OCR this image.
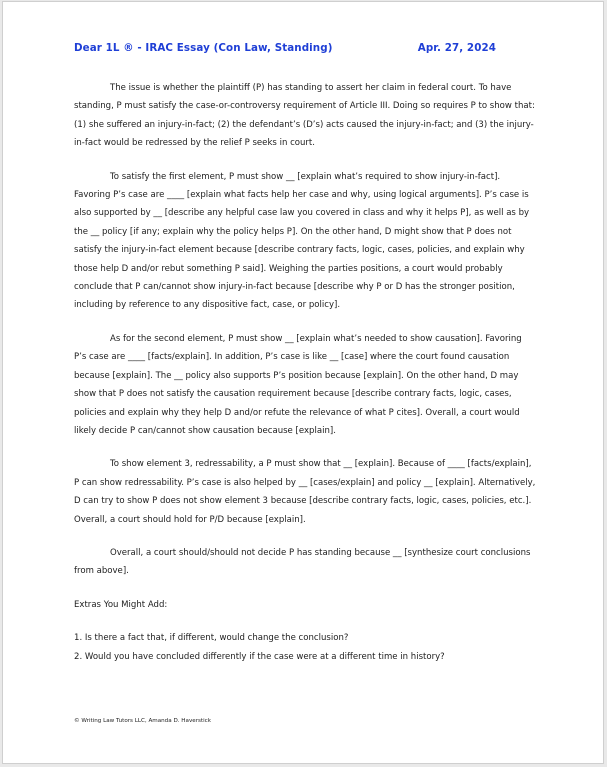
Dear 1L ® - IRAC Essay (Con Law, Standing)	Apr. 27, 2024

The issue is whether the plaintiff (P) has standing to assert her claim in federal court. To have standing, P must satisfy the case-or-controversy requirement of Article III. Doing so requires P to show that: (1) she suffered an injury-in-fact; (2) the defendant’s (D’s) acts caused the injury-in-fact; and (3) the injury-in-fact would be redressed by the relief P seeks in court.

To satisfy the first element, P must show __ [explain what’s required to show injury-in-fact]. Favoring P’s case are ____ [explain what facts help her case and why, using logical arguments]. P’s case is also supported by __ [describe any helpful case law you covered in class and why it helps P], as well as by the __ policy [if any; explain why the policy helps P]. On the other hand, D might show that P does not satisfy the injury-in-fact element because [describe contrary facts, logic, cases, policies, and explain why those help D and/or rebut something P said]. Weighing the parties positions, a court would probably conclude that P can/cannot show injury-in-fact because [describe why P or D has the stronger position, including by reference to any dispositive fact, case, or policy].

As for the second element, P must show __ [explain what’s needed to show causation]. Favoring P’s case are ____ [facts/explain]. In addition, P’s case is like __ [case] where the court found causation because [explain]. The __ policy also supports P’s position because [explain]. On the other hand, D may show that P does not satisfy the causation requirement because [describe contrary facts, logic, cases, policies and explain why they help D and/or refute the relevance of what P cites]. Overall, a court would likely decide P can/cannot show causation because [explain].

To show element 3, redressability, a P must show that __ [explain]. Because of ____ [facts/explain], P can show redressability. P’s case is also helped by __ [cases/explain] and policy __ [explain]. Alternatively, D can try to show P does not show element 3 because [describe contrary facts, logic, cases, policies, etc.]. Overall, a court should hold for P/D because [explain].

Overall, a court should/should not decide P has standing because __ [synthesize court conclusions from above].

Extras You Might Add:

1. Is there a fact that, if different, would change the conclusion?

2. Would you have concluded differently if the case were at a different time in history?

© Writing Law Tutors LLC, Amanda D. Haverstick
